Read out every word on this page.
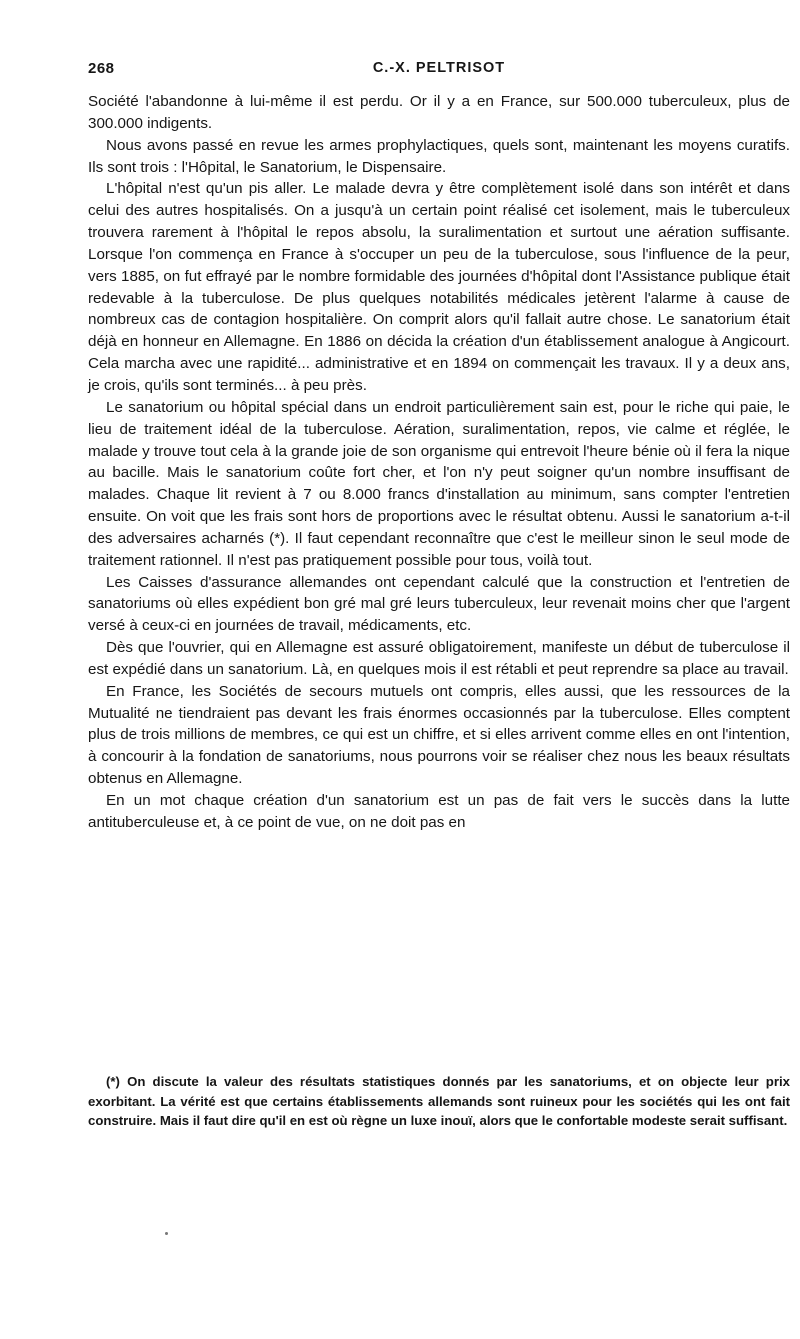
268	C.-X. PELTRISOT

Société l'abandonne à lui-même il est perdu. Or il y a en France, sur 500.000 tuberculeux, plus de 300.000 indigents.

Nous avons passé en revue les armes prophylactiques, quels sont, maintenant les moyens curatifs. Ils sont trois : l'Hôpital, le Sanatorium, le Dispensaire.

L'hôpital n'est qu'un pis aller. Le malade devra y être complètement isolé dans son intérêt et dans celui des autres hospitalisés. On a jusqu'à un certain point réalisé cet isolement, mais le tuberculeux trouvera rarement à l'hôpital le repos absolu, la suralimentation et surtout une aération suffisante. Lorsque l'on commença en France à s'occuper un peu de la tuberculose, sous l'influence de la peur, vers 1885, on fut effrayé par le nombre formidable des journées d'hôpital dont l'Assistance publique était redevable à la tuberculose. De plus quelques notabilités médicales jetèrent l'alarme à cause de nombreux cas de contagion hospitalière. On comprit alors qu'il fallait autre chose. Le sanatorium était déjà en honneur en Allemagne. En 1886 on décida la création d'un établissement analogue à Angicourt. Cela marcha avec une rapidité... administrative et en 1894 on commençait les travaux. Il y a deux ans, je crois, qu'ils sont terminés... à peu près.

Le sanatorium ou hôpital spécial dans un endroit particulièrement sain est, pour le riche qui paie, le lieu de traitement idéal de la tuberculose. Aération, suralimentation, repos, vie calme et réglée, le malade y trouve tout cela à la grande joie de son organisme qui entrevoit l'heure bénie où il fera la nique au bacille. Mais le sanatorium coûte fort cher, et l'on n'y peut soigner qu'un nombre insuffisant de malades. Chaque lit revient à 7 ou 8.000 francs d'installation au minimum, sans compter l'entretien ensuite. On voit que les frais sont hors de proportions avec le résultat obtenu. Aussi le sanatorium a-t-il des adversaires acharnés (*). Il faut cependant reconnaître que c'est le meilleur sinon le seul mode de traitement rationnel. Il n'est pas pratiquement possible pour tous, voilà tout.

Les Caisses d'assurance allemandes ont cependant calculé que la construction et l'entretien de sanatoriums où elles expédient bon gré mal gré leurs tuberculeux, leur revenait moins cher que l'argent versé à ceux-ci en journées de travail, médicaments, etc.

Dès que l'ouvrier, qui en Allemagne est assuré obligatoirement, manifeste un début de tuberculose il est expédié dans un sanatorium. Là, en quelques mois il est rétabli et peut reprendre sa place au travail.

En France, les Sociétés de secours mutuels ont compris, elles aussi, que les ressources de la Mutualité ne tiendraient pas devant les frais énormes occasionnés par la tuberculose. Elles comptent plus de trois millions de membres, ce qui est un chiffre, et si elles arrivent comme elles en ont l'intention, à concourir à la fondation de sanatoriums, nous pourrons voir se réaliser chez nous les beaux résultats obtenus en Allemagne.

En un mot chaque création d'un sanatorium est un pas de fait vers le succès dans la lutte antituberculeuse et, à ce point de vue, on ne doit pas en

(*) On discute la valeur des résultats statistiques donnés par les sanatoriums, et on objecte leur prix exorbitant. La vérité est que certains établissements allemands sont ruineux pour les sociétés qui les ont fait construire. Mais il faut dire qu'il en est où règne un luxe inouï, alors que le confortable modeste serait suffisant.
